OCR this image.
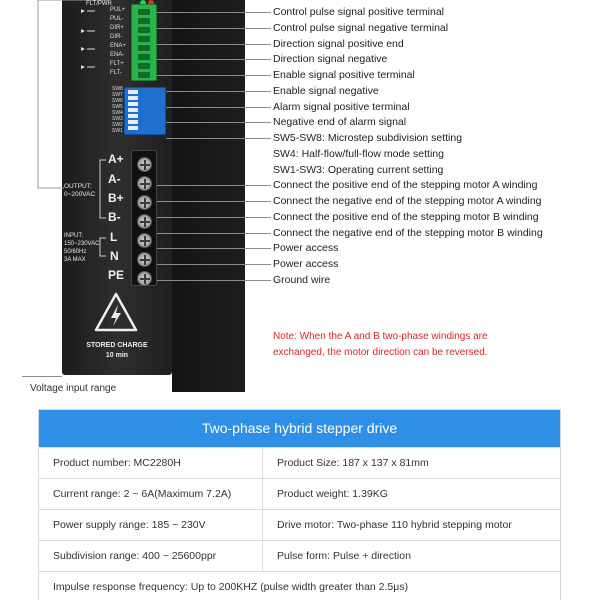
FLT/PWR
PUL+
PUL-
DIR+
DIR-
ENA+
ENA-
FLT+
FLT-
SW8
SW7
SW6
SW5
SW4
SW3
SW2
SW1
A+
A-
B+
B-
L
N
PE
OUTPUT:
0~200VAC
INPUT:
150~230VAC
50/60Hz
3A MAX
STORED CHARGE
10 min
Voltage input range
Control pulse signal positive terminal
Control pulse signal negative terminal
Direction signal positive end
Direction signal negative
Enable signal positive terminal
Enable signal negative
Alarm signal positive terminal
Negative end of alarm signal
SW5-SW8: Microstep subdivision setting
SW4: Half-flow/full-flow mode setting
SW1-SW3: Operating current setting
Connect the positive end of the stepping motor A winding
Connect the negative end of the stepping motor A winding
Connect the positive end of the stepping motor B winding
Connect the negative end of the stepping motor B winding
Power access
Power access
Ground wire

Note: When the A and B two-phase windings are exchanged, the motor direction can be reversed.

Two-phase hybrid stepper drive
Product number: MC2280H	Product Size: 187 x 137 x 81mm
Current range: 2 ~ 6A(Maximum 7.2A)	Product weight: 1.39KG
Power supply range: 185 ~ 230V	Drive motor: Two-phase 110 hybrid stepping motor
Subdivision range: 400 ~ 25600ppr	Pulse form: Pulse + direction
Impulse response frequency: Up to 200KHZ (pulse width greater than 2.5μs)
